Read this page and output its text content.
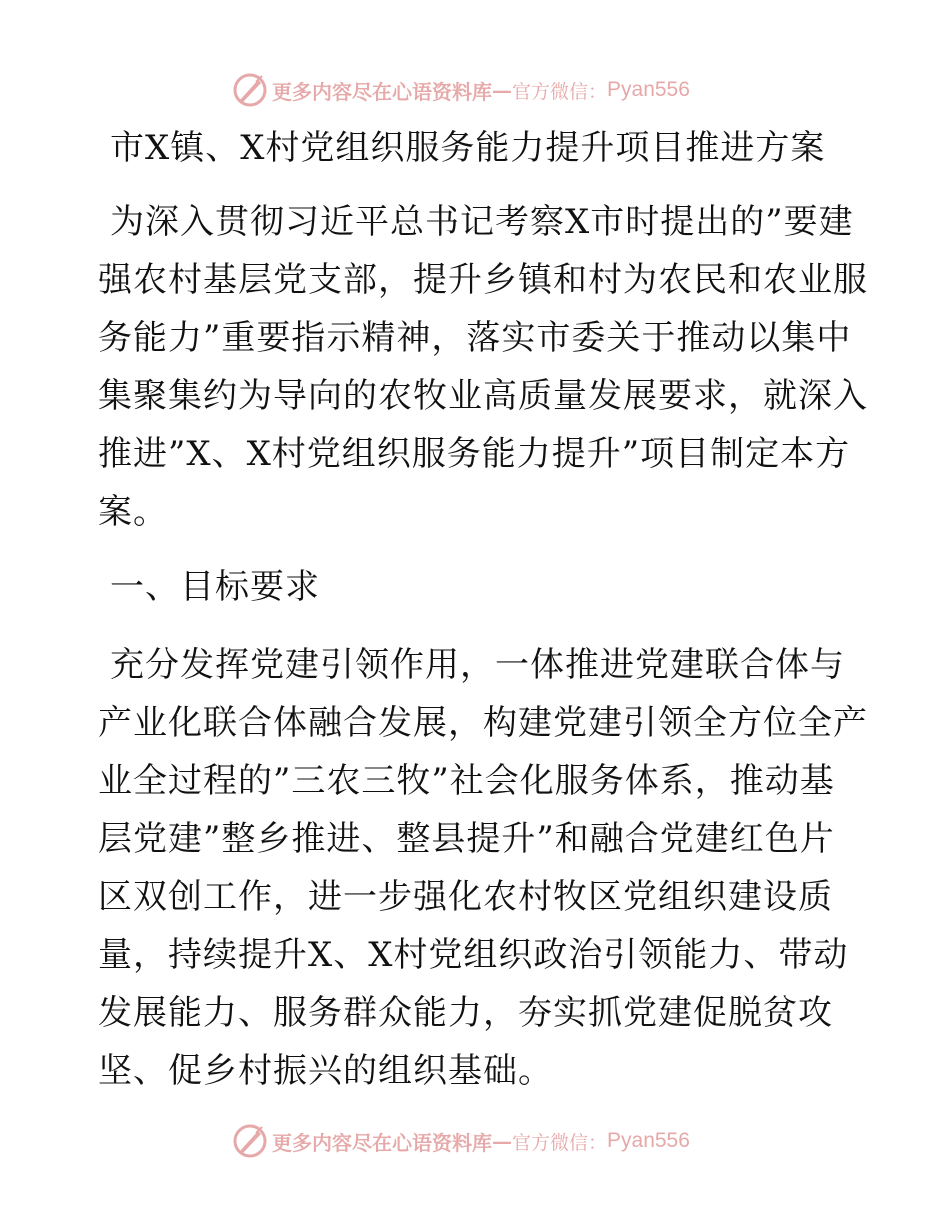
更多内容尽在心语资料库 — 官方微信： Pyan556
市X镇、X村党组织服务能力提升项目推进方案

为深入贯彻习近平总书记考察X市时提出的”要建强农村基层党支部，提升乡镇和村为农民和农业服务能力”重要指示精神，落实市委关于推动以集中集聚集约为导向的农牧业高质量发展要求，就深入推进”X、X村党组织服务能力提升”项目制定本方案。

一、目标要求

充分发挥党建引领作用，一体推进党建联合体与产业化联合体融合发展，构建党建引领全方位全产业全过程的”三农三牧”社会化服务体系，推动基层党建”整乡推进、整县提升”和融合党建红色片区双创工作，进一步强化农村牧区党组织建设质量，持续提升X、X村党组织政治引领能力、带动发展能力、服务群众能力，夯实抓党建促脱贫攻坚、促乡村振兴的组织基础。

更多内容尽在心语资料库 — 官方微信： Pyan556
